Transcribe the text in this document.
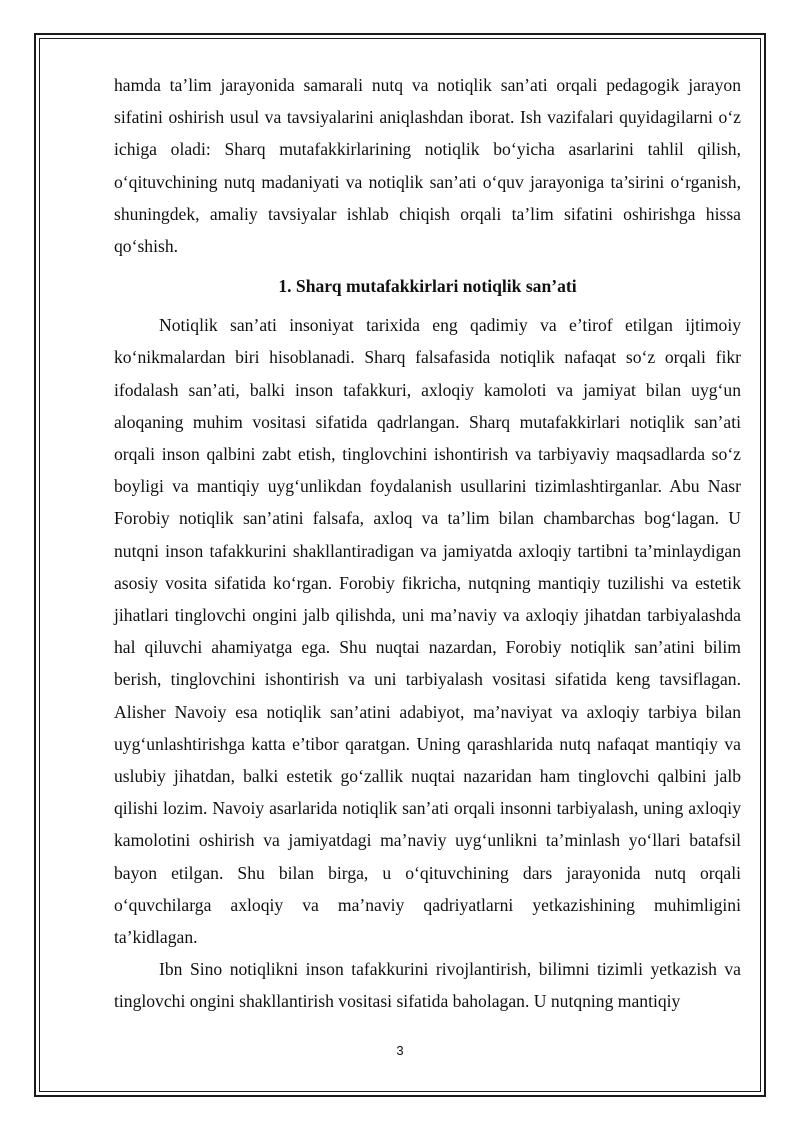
hamda ta’lim jarayonida samarali nutq va notiqlik san’ati orqali pedagogik jarayon sifatini oshirish usul va tavsiyalarini aniqlashdan iborat. Ish vazifalari quyidagilarni o‘z ichiga oladi: Sharq mutafakkirlarining notiqlik bo‘yicha asarlarini tahlil qilish, o‘qituvchining nutq madaniyati va notiqlik san’ati o‘quv jarayoniga ta’sirini o‘rganish, shuningdek, amaliy tavsiyalar ishlab chiqish orqali ta’lim sifatini oshirishga hissa qo‘shish.

1. Sharq mutafakkirlari notiqlik san’ati

Notiqlik san’ati insoniyat tarixida eng qadimiy va e’tirof etilgan ijtimoiy ko‘nikmalardan biri hisoblanadi. Sharq falsafasida notiqlik nafaqat so‘z orqali fikr ifodalash san’ati, balki inson tafakkuri, axloqiy kamoloti va jamiyat bilan uyg‘un aloqaning muhim vositasi sifatida qadrlangan. Sharq mutafakkirlari notiqlik san’ati orqali inson qalbini zabt etish, tinglovchini ishontirish va tarbiyaviy maqsadlarda so‘z boyligi va mantiqiy uyg‘unlikdan foydalanish usullarini tizimlashtirganlar. Abu Nasr Forobiy notiqlik san’atini falsafa, axloq va ta’lim bilan chambarchas bog‘lagan. U nutqni inson tafakkurini shakllantiradigan va jamiyatda axloqiy tartibni ta’minlaydigan asosiy vosita sifatida ko‘rgan. Forobiy fikricha, nutqning mantiqiy tuzilishi va estetik jihatlari tinglovchi ongini jalb qilishda, uni ma’naviy va axloqiy jihatdan tarbiyalashda hal qiluvchi ahamiyatga ega. Shu nuqtai nazardan, Forobiy notiqlik san’atini bilim berish, tinglovchini ishontirish va uni tarbiyalash vositasi sifatida keng tavsiflagan. Alisher Navoiy esa notiqlik san’atini adabiyot, ma’naviyat va axloqiy tarbiya bilan uyg‘unlashtirishga katta e’tibor qaratgan. Uning qarashlarida nutq nafaqat mantiqiy va uslubiy jihatdan, balki estetik go‘zallik nuqtai nazaridan ham tinglovchi qalbini jalb qilishi lozim. Navoiy asarlarida notiqlik san’ati orqali insonni tarbiyalash, uning axloqiy kamolotini oshirish va jamiyatdagi ma’naviy uyg‘unlikni ta’minlash yo‘llari batafsil bayon etilgan. Shu bilan birga, u o‘qituvchining dars jarayonida nutq orqali o‘quvchilarga axloqiy va ma’naviy qadriyatlarni yetkazishining muhimligini ta’kidlagan.

Ibn Sino notiqlikni inson tafakkurini rivojlantirish, bilimni tizimli yetkazish va tinglovchi ongini shakllantirish vositasi sifatida baholagan. U nutqning mantiqiy

3
